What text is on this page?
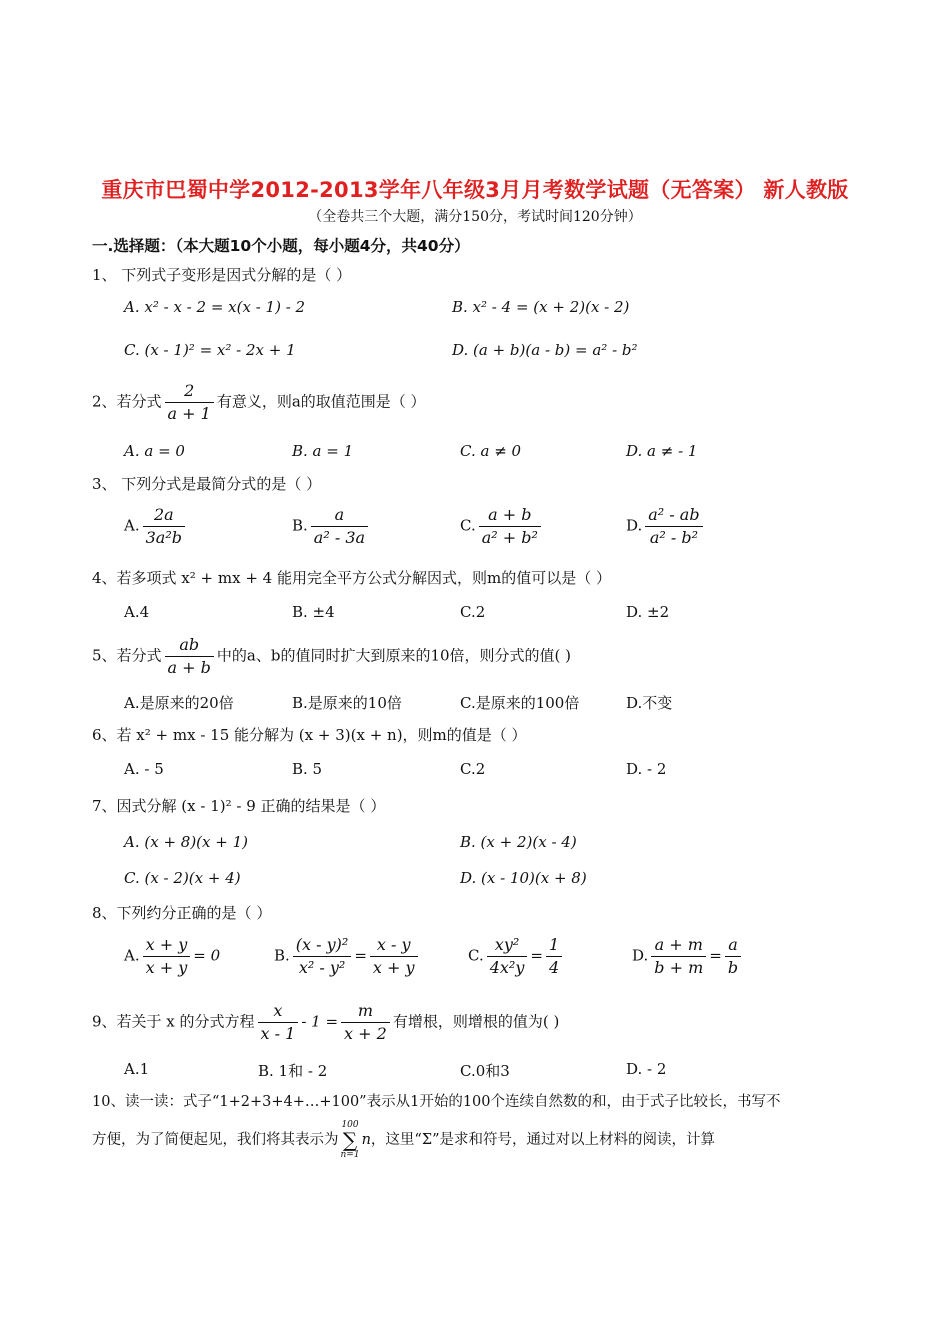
重庆市巴蜀中学2012-2013学年八年级3月月考数学试题（无答案） 新人教版
（全卷共三个大题，满分150分，考试时间120分钟）
一.选择题：（本大题10个小题，每小题4分，共40分）
1、 下列式子变形是因式分解的是（ ）
A. x² - x - 2 = x(x - 1) - 2	B. x² - 4 = (x + 2)(x - 2)
C. (x - 1)² = x² - 2x + 1	D. (a + b)(a - b) = a² - b²
2、若分式 $\frac{2}{a + 1}$ 有意义，则a的取值范围是（ ）
A. a = 0	B. a = 1	C. a ≠ 0	D. a ≠ - 1
3、 下列分式是最简分式的是（ ）
A. $\frac{2a}{\text{3a²b}}$	B. $\frac{a}{\text{a² - 3a}}$	C. $\frac{a + b}{\text{a² + b²}}$	D. $\frac{\text{a² - ab}}{\text{a² - b²}}$
4、若多项式 x² + mx + 4 能用完全平方公式分解因式，则m的值可以是（ ）
A.4	B. ±4	C.2	D. ±2
5、若分式 $\frac{ab}{a + b}$ 中的a、b的值同时扩大到原来的10倍，则分式的值( )
A.是原来的20倍	B.是原来的10倍	C.是原来的100倍	D.不变
6、若 x² + mx - 15 能分解为 (x + 3)(x + n)，则m的值是（ ）
A. - 5	B. 5	C.2	D. - 2
7、因式分解 (x - 1)² - 9 正确的结果是（ ）
A. (x + 8)(x + 1)	B. (x + 2)(x - 4)
C. (x - 2)(x + 4)	D. (x - 10)(x + 8)
8、下列约分正确的是（ ）
A. $\frac{x + y}{x + y} = 0$	B. $\frac{\text{(x - y)²}}{\text{x² - y²}} = \frac{x - y}{x + y}$	C. $\frac{\text{xy²}}{\text{4x²y}} = \frac{1}{4}$	D. $\frac{a + m}{b + m} = \frac{a}{b}$
9、若关于 x 的分式方程 $\frac{x}{x - 1} - 1 = \frac{m}{x + 2}$ 有增根，则增根的值为( )
A.1	B. 1和 - 2	C.0和3	D. - 2
10、读一读：式子“1+2+3+4+…+100”表示从1开始的100个连续自然数的和，由于式子比较长，书写不
方便，为了简便起见，我们将其表示为
100
∑
n=1
n，这里“Σ”是求和符号，通过对以上材料的阅读，计算
